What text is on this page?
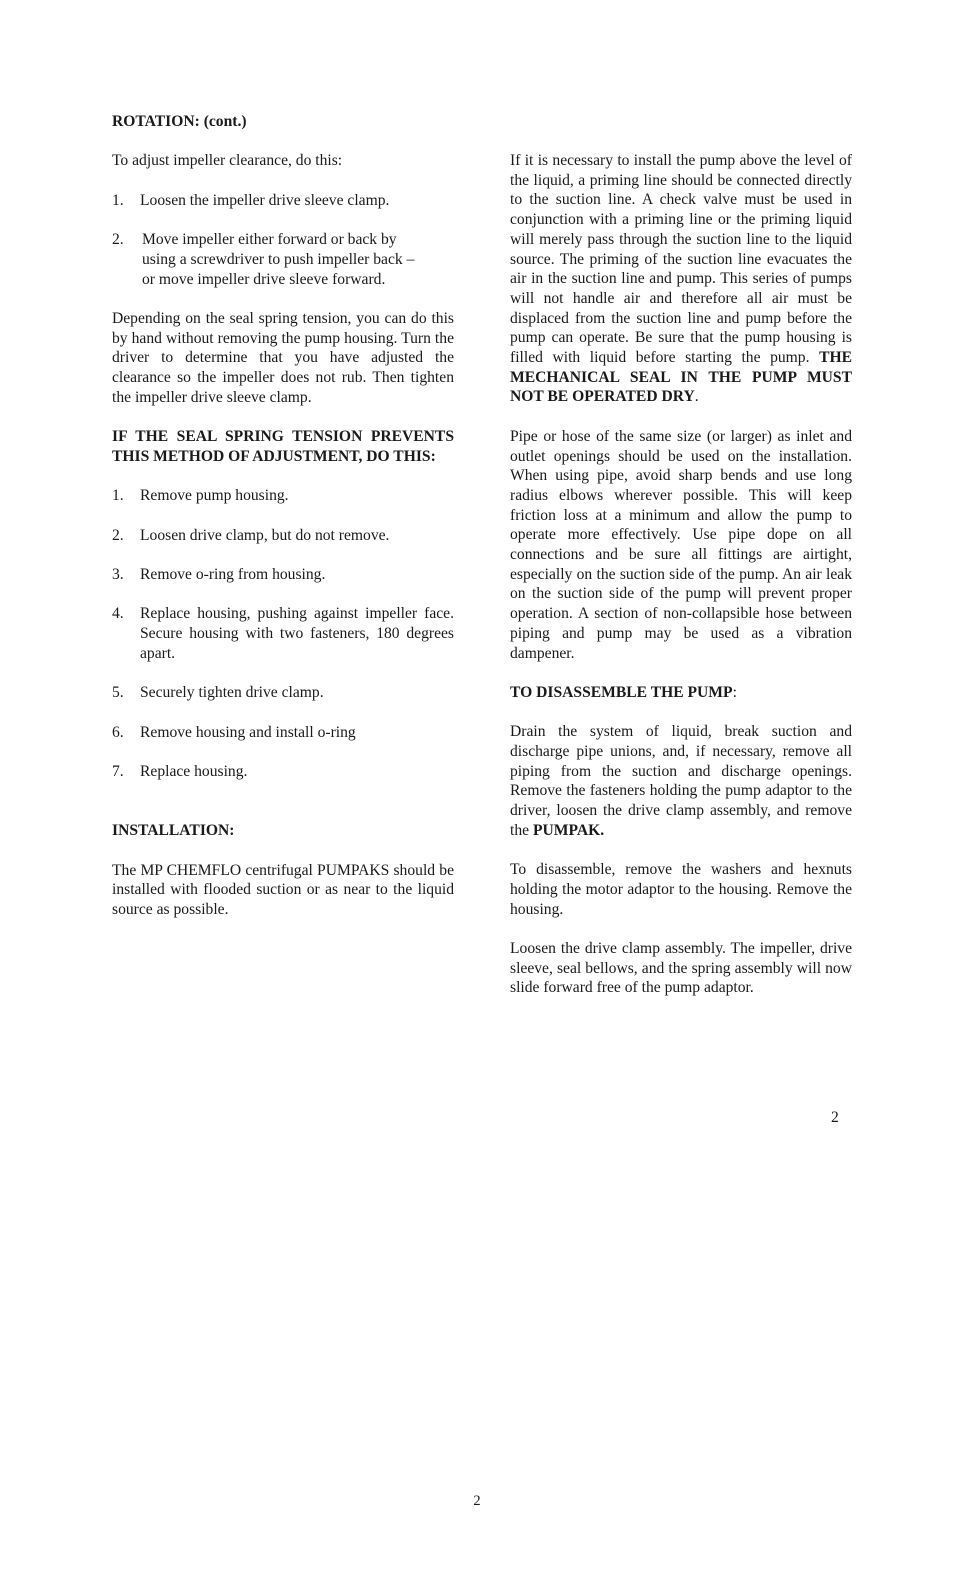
ROTATION: (cont.)

To adjust impeller clearance, do this:

1.	Loosen the impeller drive sleeve clamp.
2.	Move impeller either forward or back by using a screwdriver to push impeller back – or move impeller drive sleeve forward.

Depending on the seal spring tension, you can do this by hand without removing the pump housing. Turn the driver to determine that you have adjusted the clearance so the impeller does not rub. Then tighten the impeller drive sleeve clamp.

IF THE SEAL SPRING TENSION PREVENTS THIS METHOD OF ADJUSTMENT, DO THIS:

1.	Remove pump housing.
2.	Loosen drive clamp, but do not remove.
3.	Remove o-ring from housing.
4.	Replace housing, pushing against impeller face. Secure housing with two fasteners, 180 degrees apart.
5.	Securely tighten drive clamp.
6.	Remove housing and install o-ring
7.	Replace housing.

INSTALLATION:

The MP CHEMFLO centrifugal PUMPAKS should be installed with flooded suction or as near to the liquid source as possible.

If it is necessary to install the pump above the level of the liquid, a priming line should be connected directly to the suction line. A check valve must be used in conjunction with a priming line or the priming liquid will merely pass through the suction line to the liquid source. The priming of the suction line evacuates the air in the suction line and pump. This series of pumps will not handle air and therefore all air must be displaced from the suction line and pump before the pump can operate. Be sure that the pump housing is filled with liquid before starting the pump. THE MECHANICAL SEAL IN THE PUMP MUST NOT BE OPERATED DRY.

Pipe or hose of the same size (or larger) as inlet and outlet openings should be used on the installation. When using pipe, avoid sharp bends and use long radius elbows wherever possible. This will keep friction loss at a minimum and allow the pump to operate more effectively. Use pipe dope on all connections and be sure all fittings are airtight, especially on the suction side of the pump. An air leak on the suction side of the pump will prevent proper operation. A section of non-collapsible hose between piping and pump may be used as a vibration dampener.

TO DISASSEMBLE THE PUMP:

Drain the system of liquid, break suction and discharge pipe unions, and, if necessary, remove all piping from the suction and discharge openings. Remove the fasteners holding the pump adaptor to the driver, loosen the drive clamp assembly, and remove the PUMPAK.

To disassemble, remove the washers and hexnuts holding the motor adaptor to the housing. Remove the housing.

Loosen the drive clamp assembly. The impeller, drive sleeve, seal bellows, and the spring assembly will now slide forward free of the pump adaptor.

2
2
